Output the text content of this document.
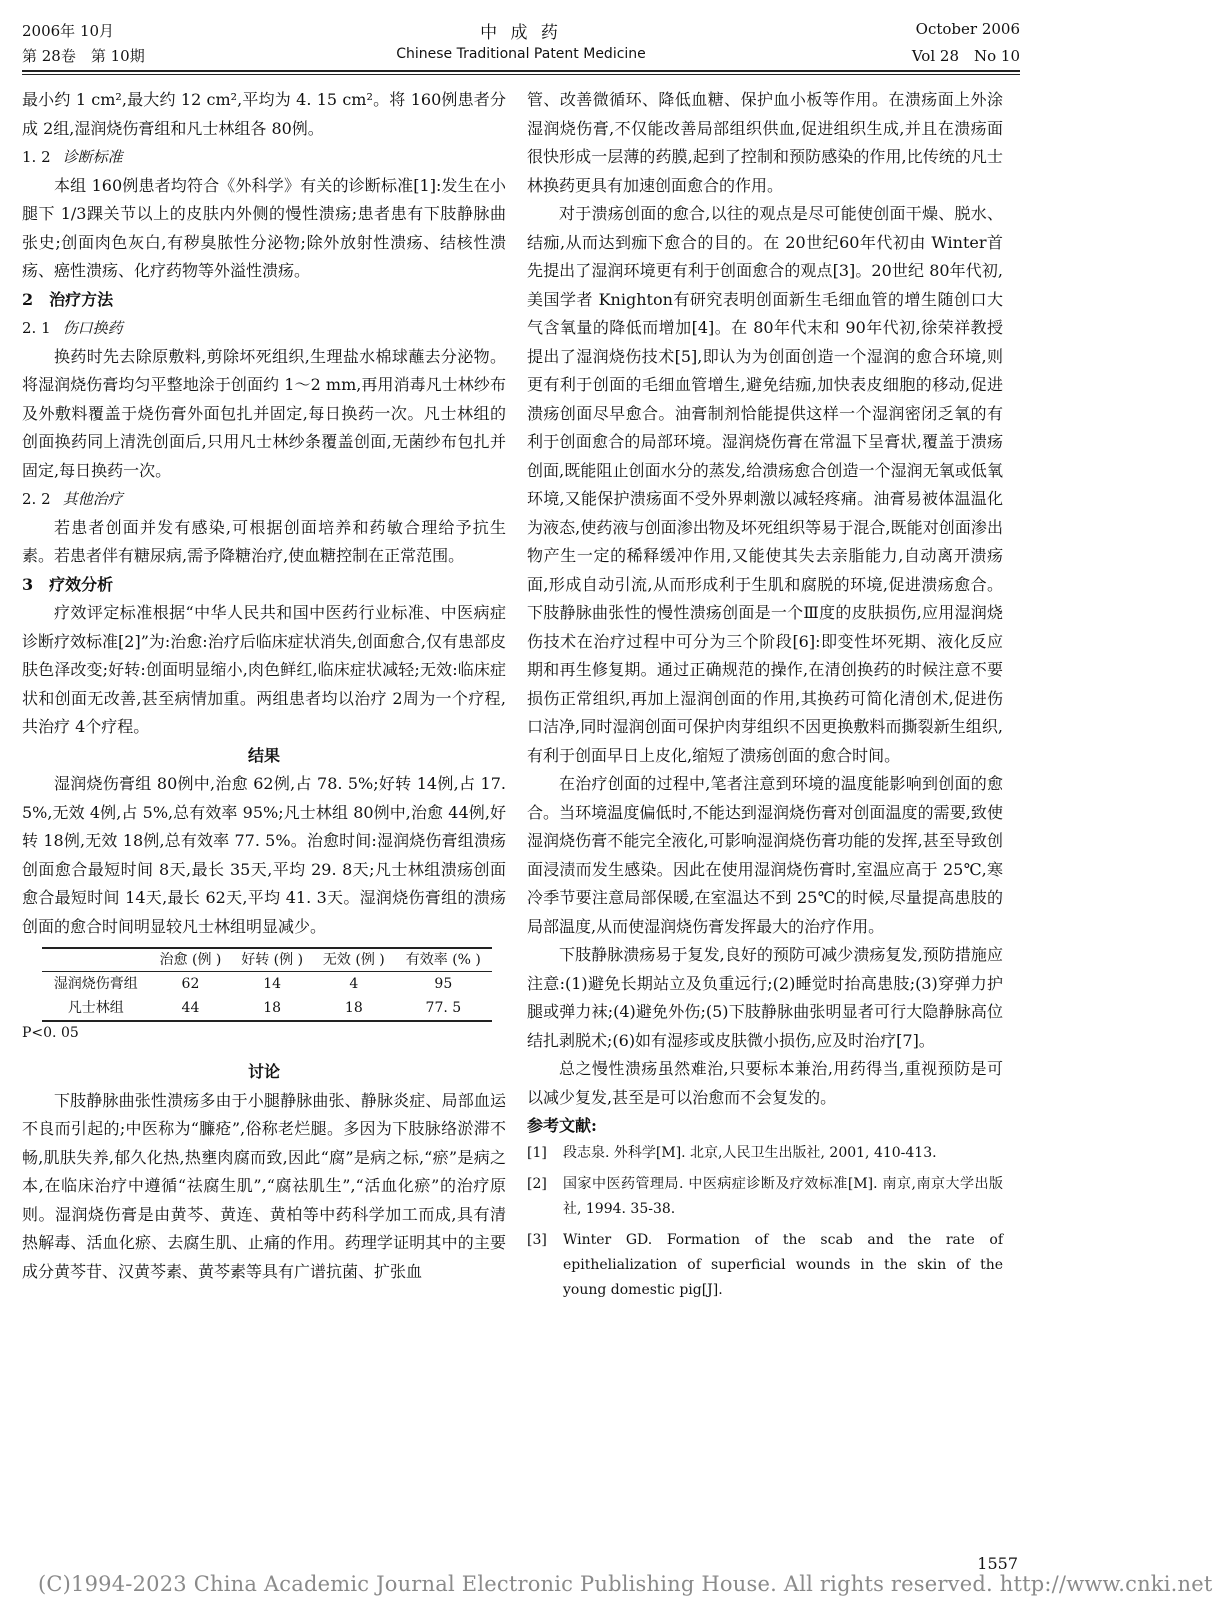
2006年 10月
第 28卷　第 10期
中 成 药
Chinese Traditional Patent Medicine
October 2006
Vol 28　No 10

最小约 1 cm²,最大约 12 cm²,平均为 4. 15 cm²。将 160例患者分成 2组,湿润烧伤膏组和凡士林组各 80例。

1. 2 诊断标准

本组 160例患者均符合《外科学》有关的诊断标准[1]:发生在小腿下 1/3踝关节以上的皮肤内外侧的慢性溃疡;患者患有下肢静脉曲张史;创面肉色灰白,有秽臭脓性分泌物;除外放射性溃疡、结核性溃疡、癌性溃疡、化疗药物等外溢性溃疡。

2　治疗方法

2. 1 伤口换药

换药时先去除原敷料,剪除坏死组织,生理盐水棉球蘸去分泌物。将湿润烧伤膏均匀平整地涂于创面约 1～2 mm,再用消毒凡士林纱布及外敷料覆盖于烧伤膏外面包扎并固定,每日换药一次。凡士林组的创面换药同上清洗创面后,只用凡士林纱条覆盖创面,无菌纱布包扎并固定,每日换药一次。

2. 2 其他治疗

若患者创面并发有感染,可根据创面培养和药敏合理给予抗生素。若患者伴有糖尿病,需予降糖治疗,使血糖控制在正常范围。

3　疗效分析

疗效评定标准根据“中华人民共和国中医药行业标准、中医病症诊断疗效标准[2]”为:治愈:治疗后临床症状消失,创面愈合,仅有患部皮肤色泽改变;好转:创面明显缩小,肉色鲜红,临床症状减轻;无效:临床症状和创面无改善,甚至病情加重。两组患者均以治疗 2周为一个疗程,共治疗 4个疗程。

结果

湿润烧伤膏组 80例中,治愈 62例,占 78. 5%;好转 14例,占 17. 5%,无效 4例,占 5%,总有效率 95%;凡士林组 80例中,治愈 44例,好转 18例,无效 18例,总有效率 77. 5%。治愈时间:湿润烧伤膏组溃疡创面愈合最短时间 8天,最长 35天,平均 29. 8天;凡士林组溃疡创面愈合最短时间 14天,最长 62天,平均 41. 3天。湿润烧伤膏组的溃疡创面的愈合时间明显较凡士林组明显减少。

	治愈 (例 )	好转 (例 )	无效 (例 )	有效率 (% )
湿润烧伤膏组	62	14	4	95
凡士林组	44	18	18	77. 5

P<0. 05

讨论

下肢静脉曲张性溃疡多由于小腿静脉曲张、静脉炎症、局部血运不良而引起的;中医称为“臁疮”,俗称老烂腿。多因为下肢脉络淤滞不畅,肌肤失养,郁久化热,热壅肉腐而致,因此“腐”是病之标,“瘀”是病之本,在临床治疗中遵循“祛腐生肌”,“腐祛肌生”,“活血化瘀”的治疗原则。湿润烧伤膏是由黄芩、黄连、黄柏等中药科学加工而成,具有清热解毒、活血化瘀、去腐生肌、止痛的作用。药理学证明其中的主要成分黄芩苷、汉黄芩素、黄芩素等具有广谱抗菌、扩张血

管、改善微循环、降低血糖、保护血小板等作用。在溃疡面上外涂湿润烧伤膏,不仅能改善局部组织供血,促进组织生成,并且在溃疡面很快形成一层薄的药膜,起到了控制和预防感染的作用,比传统的凡士林换药更具有加速创面愈合的作用。

对于溃疡创面的愈合,以往的观点是尽可能使创面干燥、脱水、结痂,从而达到痂下愈合的目的。在 20世纪60年代初由 Winter首先提出了湿润环境更有利于创面愈合的观点[3]。20世纪 80年代初,美国学者 Knighton有研究表明创面新生毛细血管的增生随创口大气含氧量的降低而增加[4]。在 80年代末和 90年代初,徐荣祥教授提出了湿润烧伤技术[5],即认为为创面创造一个湿润的愈合环境,则更有利于创面的毛细血管增生,避免结痂,加快表皮细胞的移动,促进溃疡创面尽早愈合。油膏制剂恰能提供这样一个湿润密闭乏氧的有利于创面愈合的局部环境。湿润烧伤膏在常温下呈膏状,覆盖于溃疡创面,既能阻止创面水分的蒸发,给溃疡愈合创造一个湿润无氧或低氧环境,又能保护溃疡面不受外界刺激以减轻疼痛。油膏易被体温温化为液态,使药液与创面渗出物及坏死组织等易于混合,既能对创面渗出物产生一定的稀释缓冲作用,又能使其失去亲脂能力,自动离开溃疡面,形成自动引流,从而形成利于生肌和腐脱的环境,促进溃疡愈合。下肢静脉曲张性的慢性溃疡创面是一个Ⅲ度的皮肤损伤,应用湿润烧伤技术在治疗过程中可分为三个阶段[6]:即变性坏死期、液化反应期和再生修复期。通过正确规范的操作,在清创换药的时候注意不要损伤正常组织,再加上湿润创面的作用,其换药可简化清创术,促进伤口洁净,同时湿润创面可保护肉芽组织不因更换敷料而撕裂新生组织,有利于创面早日上皮化,缩短了溃疡创面的愈合时间。

在治疗创面的过程中,笔者注意到环境的温度能影响到创面的愈合。当环境温度偏低时,不能达到湿润烧伤膏对创面温度的需要,致使湿润烧伤膏不能完全液化,可影响湿润烧伤膏功能的发挥,甚至导致创面浸渍而发生感染。因此在使用湿润烧伤膏时,室温应高于 25℃,寒冷季节要注意局部保暖,在室温达不到 25℃的时候,尽量提高患肢的局部温度,从而使湿润烧伤膏发挥最大的治疗作用。

下肢静脉溃疡易于复发,良好的预防可减少溃疡复发,预防措施应注意:(1)避免长期站立及负重远行;(2)睡觉时抬高患肢;(3)穿弹力护腿或弹力袜;(4)避免外伤;(5)下肢静脉曲张明显者可行大隐静脉高位结扎剥脱术;(6)如有湿疹或皮肤微小损伤,应及时治疗[7]。

总之慢性溃疡虽然难治,只要标本兼治,用药得当,重视预防是可以减少复发,甚至是可以治愈而不会复发的。

参考文献:

[1]	段志泉. 外科学[M]. 北京,人民卫生出版社, 2001, 410-413.
[2]	国家中医药管理局. 中医病症诊断及疗效标准[M]. 南京,南京大学出版社, 1994. 35-38.
[3]	Winter GD. Formation of the scab and the rate of epithelialization of superficial wounds in the skin of the young domestic pig[J].
1557
(C)1994-2023 China Academic Journal Electronic Publishing House. All rights reserved. http://www.cnki.net
